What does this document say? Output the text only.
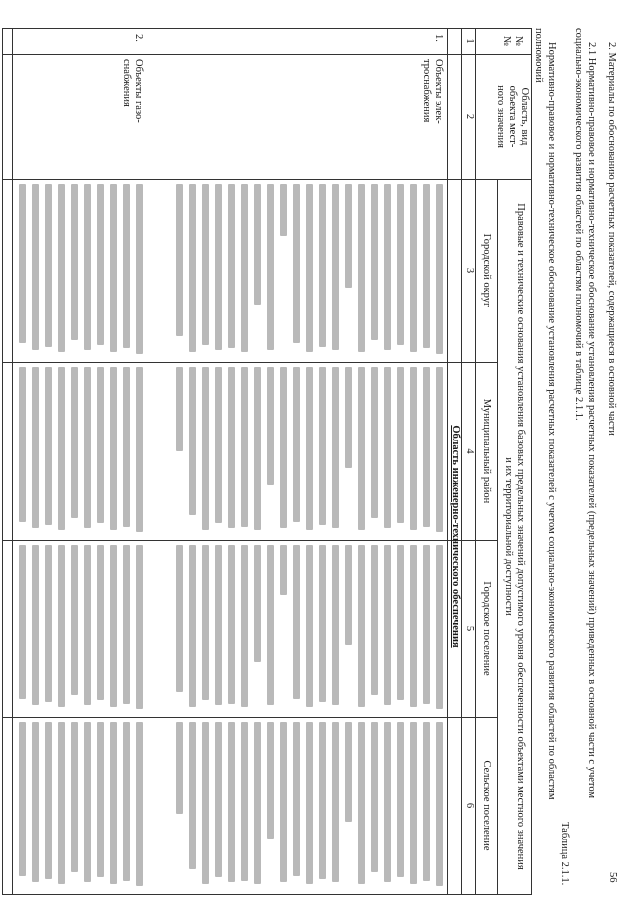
56
2. Материалы по обоснованию расчетных показателей, содержащиеся в основной части
2.1 Нормативно-правовое и нормативно-техническое обоснование установления расчетных показателей (предельных значений) приведенных в основной части с учетом
социально-экономического развития областей по областям полномочий в таблице 2.1.1.
Таблица 2.1.1.
Нормативно-правовое и нормативно-техническое обоснование установления расчетных показателей с учетом социально-экономического развития областей по областям
полномочий
№
№
Область, вид
объекта мест-
ного значения
Правовые и технические основания установления базовых предельных значений допустимого уровня обеспеченности объектами местного значения
и их территориальной доступности
Городской округ
Муниципальный район
Городское поселение
Сельское поселение
1
2
3
4
5
6
Область инженерно-технического обеспечения
1.
Объекты элек-
троснабжения
2.
Объекты газо-
снабжения
